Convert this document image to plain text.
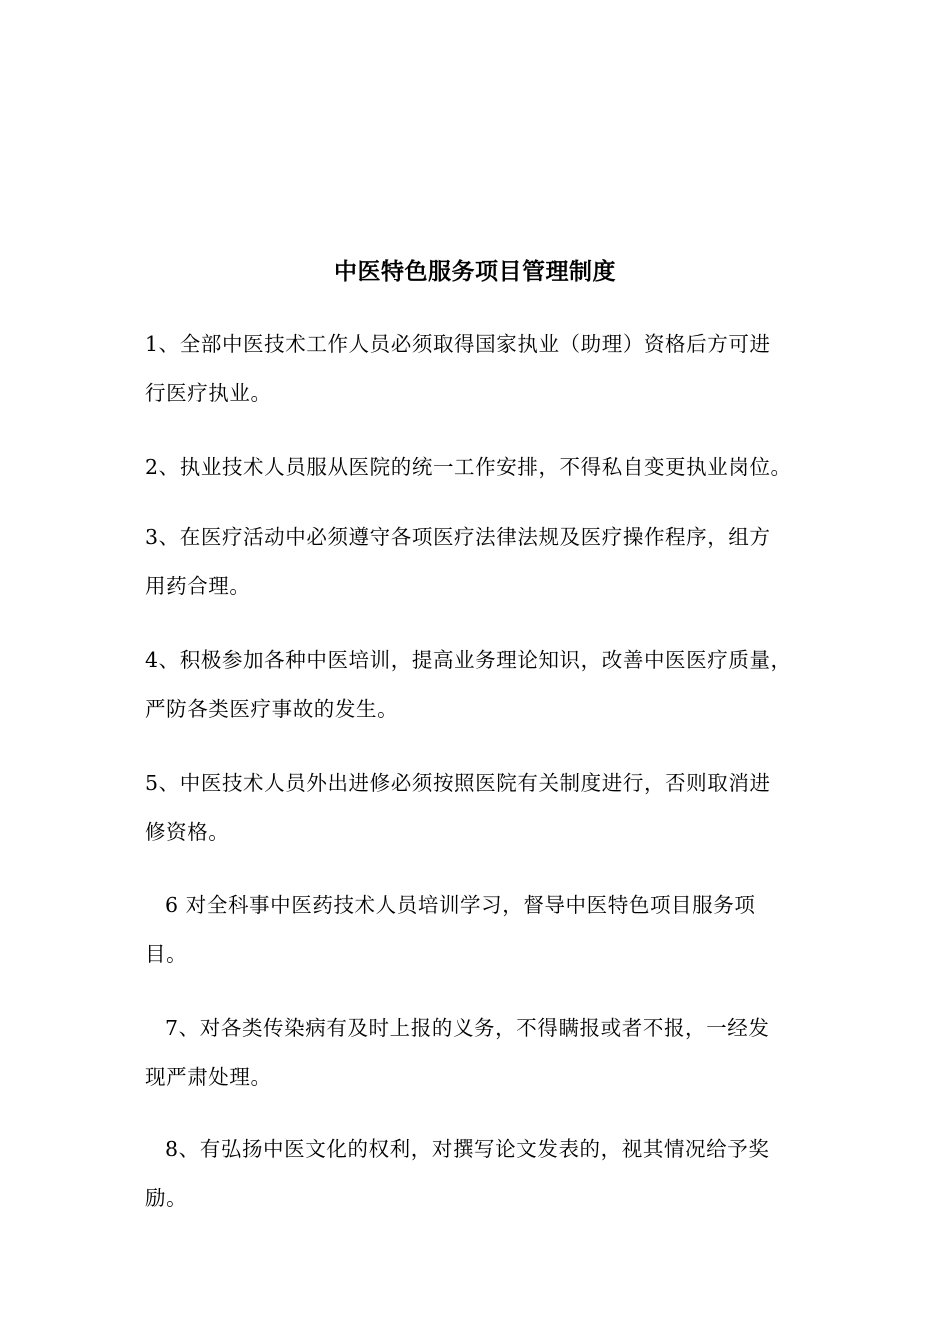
中医特色服务项目管理制度
1、全部中医技术工作人员必须取得国家执业（助理）资格后方可进
行医疗执业。
2、执业技术人员服从医院的统一工作安排，不得私自变更执业岗位。
3、在医疗活动中必须遵守各项医疗法律法规及医疗操作程序，组方
用药合理。
4、积极参加各种中医培训，提高业务理论知识，改善中医医疗质量，
严防各类医疗事故的发生。
5、中医技术人员外出进修必须按照医院有关制度进行，否则取消进
修资格。
6 对全科事中医药技术人员培训学习，督导中医特色项目服务项
目。
7、对各类传染病有及时上报的义务，不得瞒报或者不报，一经发
现严肃处理。
8、有弘扬中医文化的权利，对撰写论文发表的，视其情况给予奖
励。
